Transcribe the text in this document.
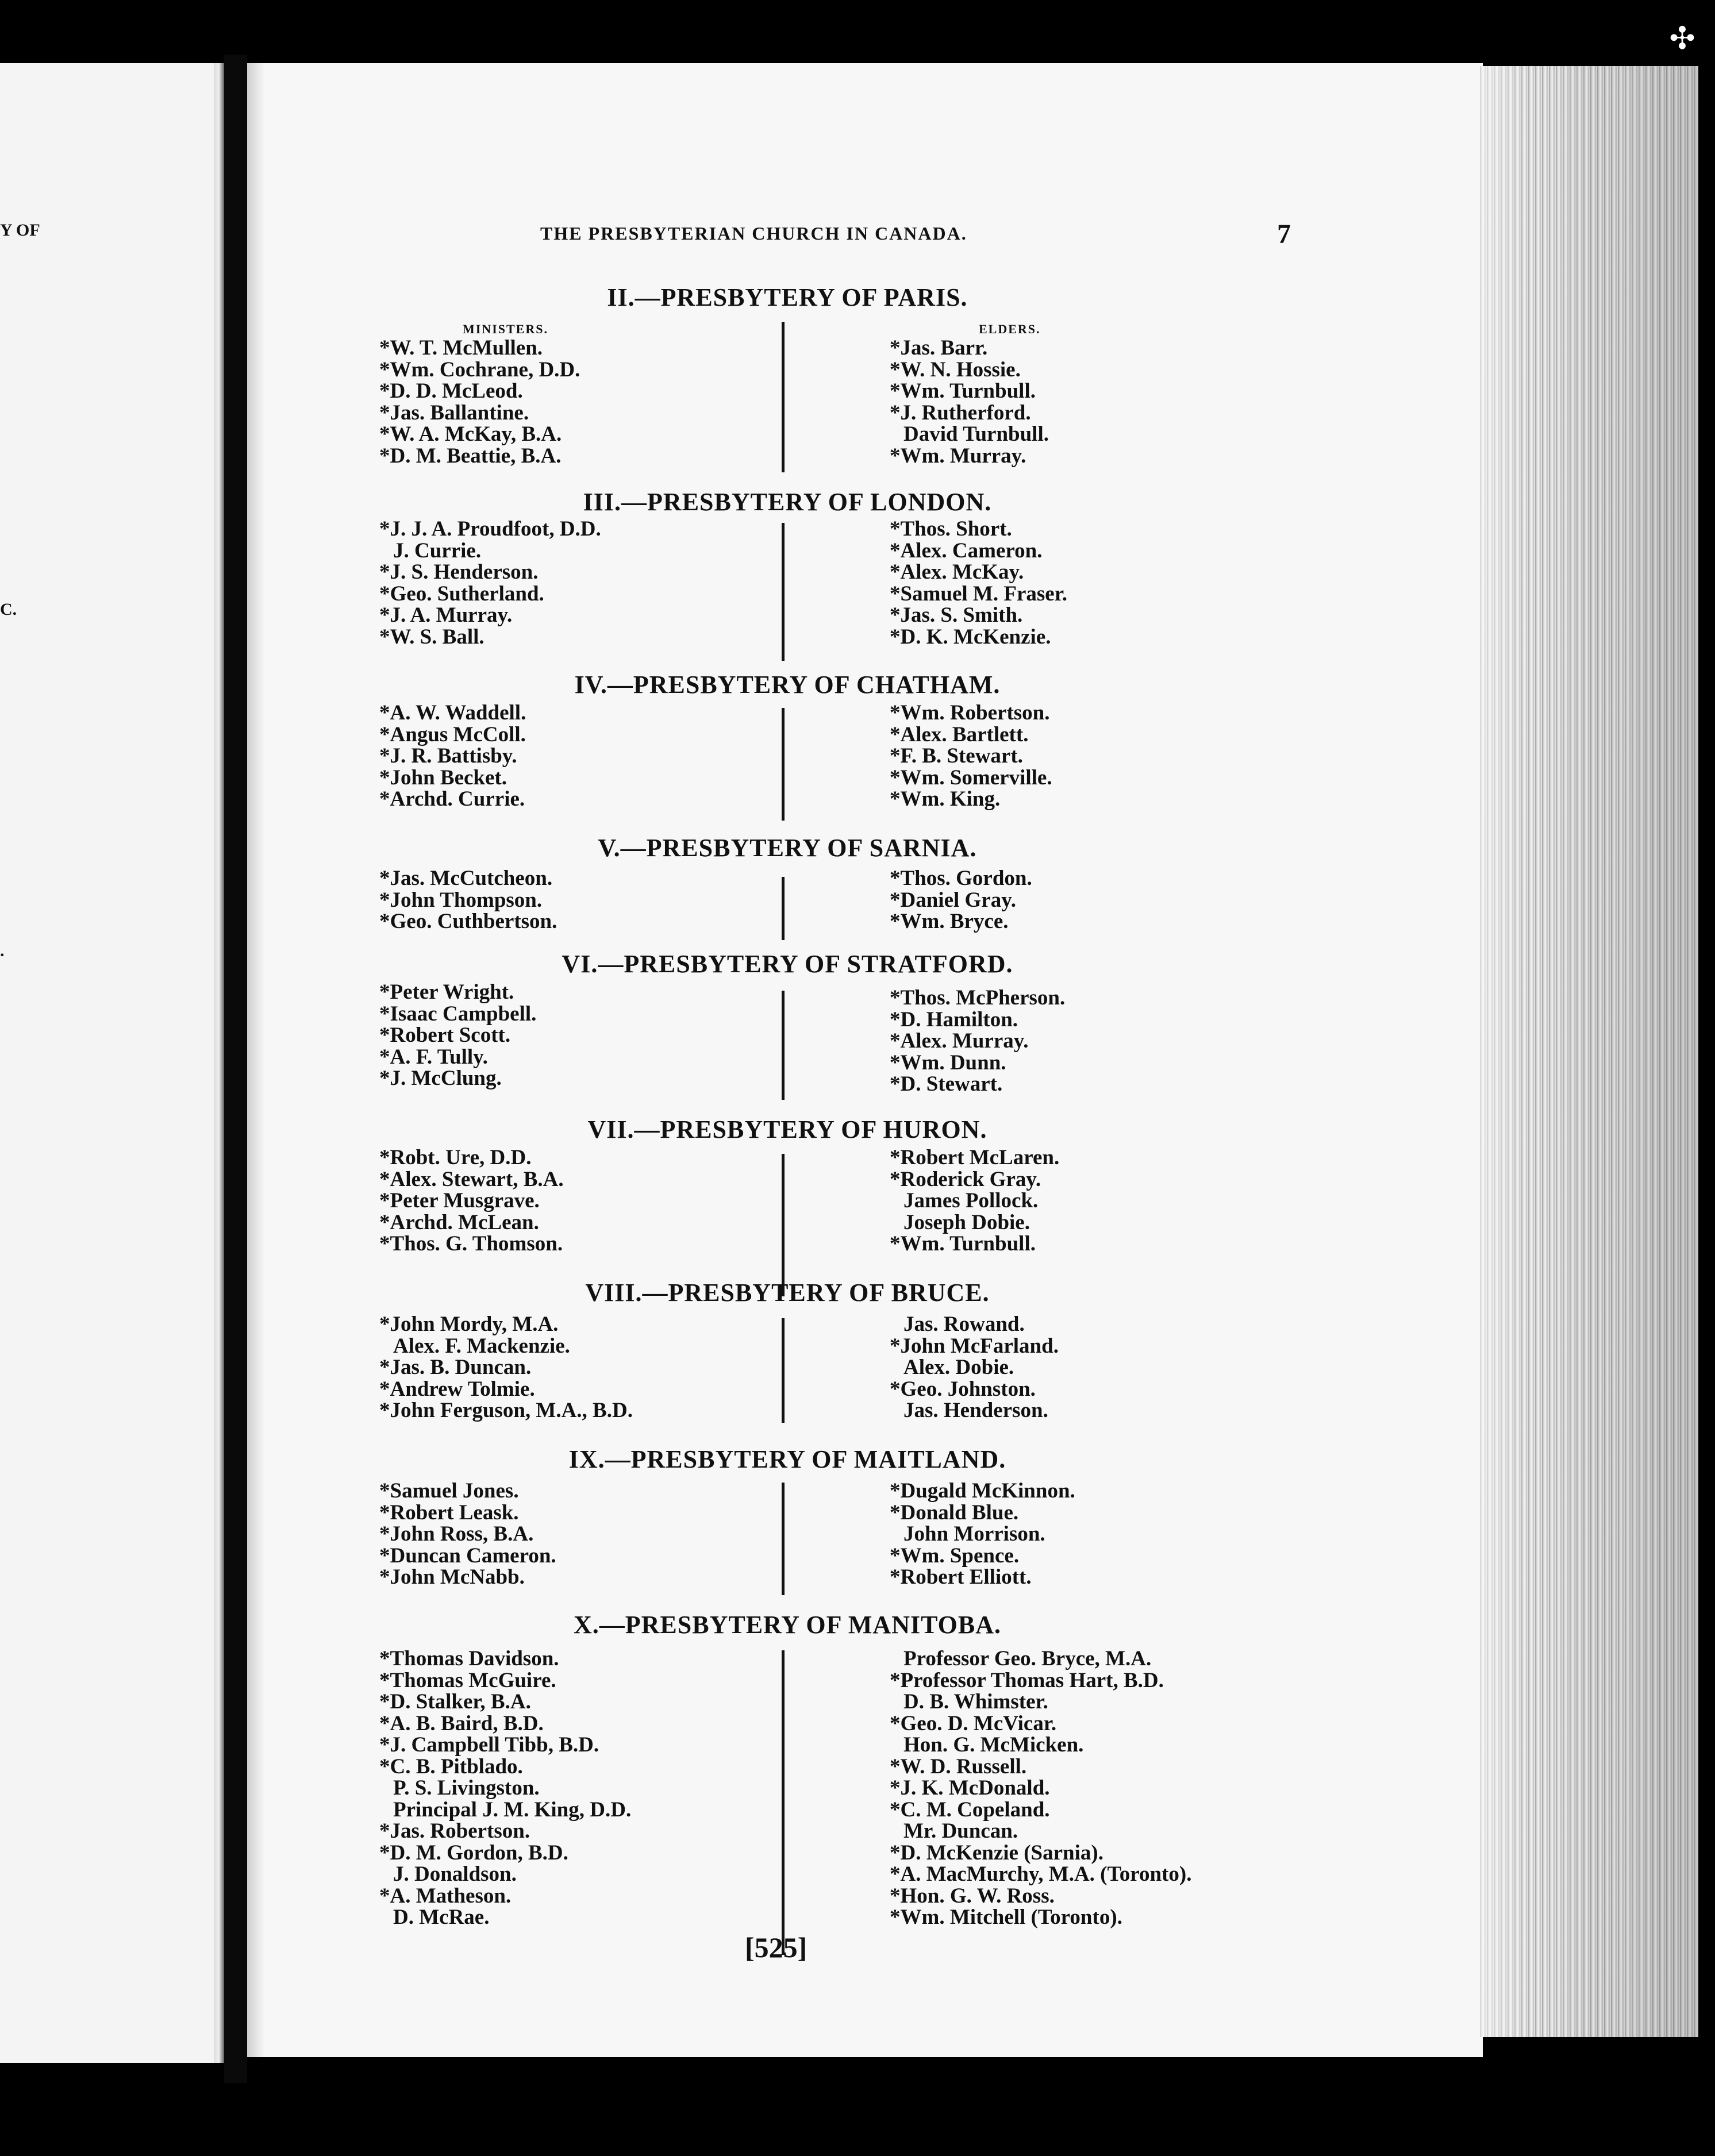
Y OF
C.
.
✣
THE PRESBYTERIAN CHURCH IN CANADA.	7
II.—PRESBYTERY OF PARIS.
MINISTERS.	ELDERS.
*W. T. McMullen.
*Wm. Cochrane, D.D.
*D. D. McLeod.
*Jas. Ballantine.
*W. A. McKay, B.A.
*D. M. Beattie, B.A.
*Jas. Barr.
*W. N. Hossie.
*Wm. Turnbull.
*J. Rutherford.
David Turnbull.
*Wm. Murray.
III.—PRESBYTERY OF LONDON.
*J. J. A. Proudfoot, D.D.
J. Currie.
*J. S. Henderson.
*Geo. Sutherland.
*J. A. Murray.
*W. S. Ball.
*Thos. Short.
*Alex. Cameron.
*Alex. McKay.
*Samuel M. Fraser.
*Jas. S. Smith.
*D. K. McKenzie.
IV.—PRESBYTERY OF CHATHAM.
*A. W. Waddell.
*Angus McColl.
*J. R. Battisby.
*John Becket.
*Archd. Currie.
*Wm. Robertson.
*Alex. Bartlett.
*F. B. Stewart.
*Wm. Somerville.
*Wm. King.
V.—PRESBYTERY OF SARNIA.
*Jas. McCutcheon.
*John Thompson.
*Geo. Cuthbertson.
*Thos. Gordon.
*Daniel Gray.
*Wm. Bryce.
VI.—PRESBYTERY OF STRATFORD.
*Peter Wright.
*Isaac Campbell.
*Robert Scott.
*A. F. Tully.
*J. McClung.
*Thos. McPherson.
*D. Hamilton.
*Alex. Murray.
*Wm. Dunn.
*D. Stewart.
VII.—PRESBYTERY OF HURON.
*Robt. Ure, D.D.
*Alex. Stewart, B.A.
*Peter Musgrave.
*Archd. McLean.
*Thos. G. Thomson.
*Robert McLaren.
*Roderick Gray.
James Pollock.
Joseph Dobie.
*Wm. Turnbull.
VIII.—PRESBYTERY OF BRUCE.
*John Mordy, M.A.
Alex. F. Mackenzie.
*Jas. B. Duncan.
*Andrew Tolmie.
*John Ferguson, M.A., B.D.
Jas. Rowand.
*John McFarland.
Alex. Dobie.
*Geo. Johnston.
Jas. Henderson.
IX.—PRESBYTERY OF MAITLAND.
*Samuel Jones.
*Robert Leask.
*John Ross, B.A.
*Duncan Cameron.
*John McNabb.
*Dugald McKinnon.
*Donald Blue.
John Morrison.
*Wm. Spence.
*Robert Elliott.
X.—PRESBYTERY OF MANITOBA.
*Thomas Davidson.
*Thomas McGuire.
*D. Stalker, B.A.
*A. B. Baird, B.D.
*J. Campbell Tibb, B.D.
*C. B. Pitblado.
P. S. Livingston.
Principal J. M. King, D.D.
*Jas. Robertson.
*D. M. Gordon, B.D.
J. Donaldson.
*A. Matheson.
D. McRae.
Professor Geo. Bryce, M.A.
*Professor Thomas Hart, B.D.
D. B. Whimster.
*Geo. D. McVicar.
Hon. G. McMicken.
*W. D. Russell.
*J. K. McDonald.
*C. M. Copeland.
Mr. Duncan.
*D. McKenzie (Sarnia).
*A. MacMurchy, M.A. (Toronto).
*Hon. G. W. Ross.
*Wm. Mitchell (Toronto).
[525]
